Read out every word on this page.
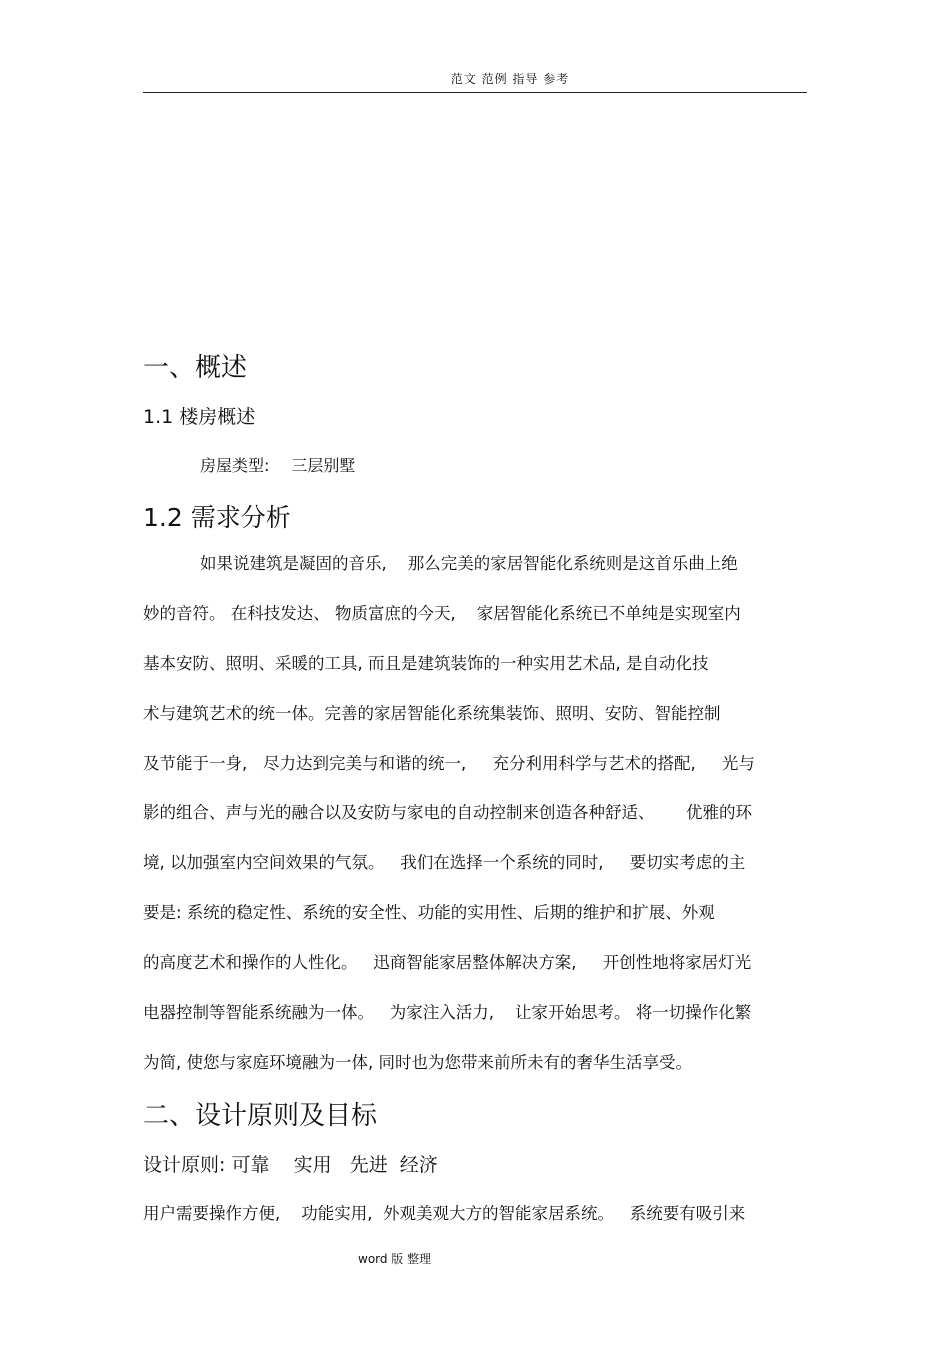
范文 范例 指导 参考
一、概述
1.1 楼房概述
房屋类型: 三层别墅
1.2 需求分析
如果说建筑是凝固的音乐,    那么完美的家居智能化系统则是这首乐曲上绝
妙的音符。 在科技发达、 物质富庶的今天,    家居智能化系统已不单纯是实现室内
基本安防、照明、采暖的工具, 而且是建筑装饰的一种实用艺术品, 是自动化技
术与建筑艺术的统一体。完善的家居智能化系统集装饰、照明、安防、智能控制
及节能于一身,   尽力达到完美与和谐的统一,     充分利用科学与艺术的搭配,     光与
影的组合、声与光的融合以及安防与家电的自动控制来创造各种舒适、      优雅的环
境, 以加强室内空间效果的气氛。   我们在选择一个系统的同时,     要切实考虑的主
要是: 系统的稳定性、系统的安全性、功能的实用性、后期的维护和扩展、外观
的高度艺术和操作的人性化。   迅商智能家居整体解决方案,     开创性地将家居灯光
电器控制等智能系统融为一体。   为家注入活力,    让家开始思考。 将一切操作化繁
为简, 使您与家庭环境融为一体, 同时也为您带来前所未有的奢华生活享受。
二、设计原则及目标
设计原则: 可靠    实用   先进  经济
用户需要操作方便,    功能实用,  外观美观大方的智能家居系统。   系统要有吸引来
word 版 整理
